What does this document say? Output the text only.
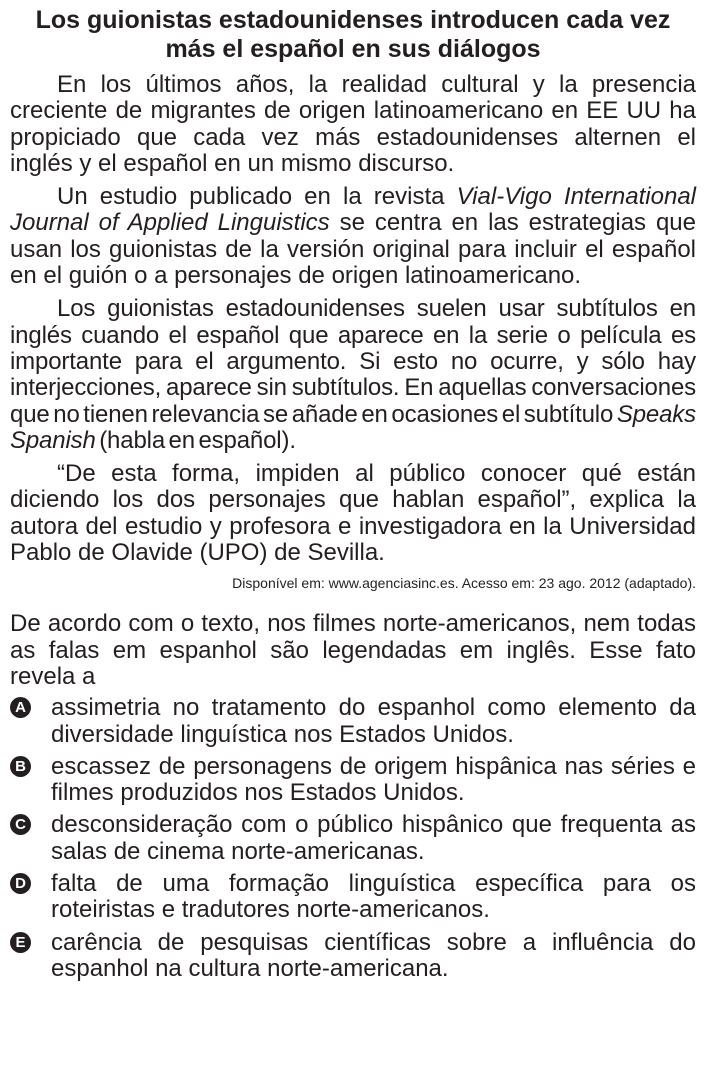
Los guionistas estadounidenses introducen cada vez
más el español en sus diálogos

En los últimos años, la realidad cultural y la presencia creciente de migrantes de origen latinoamericano en EE UU ha propiciado que cada vez más estadounidenses alternen el inglés y el español en un mismo discurso.

Un estudio publicado en la revista Vial-Vigo International Journal of Applied Linguistics se centra en las estrategias que usan los guionistas de la versión original para incluir el español en el guión o a personajes de origen latinoamericano.

Los guionistas estadounidenses suelen usar subtítulos en inglés cuando el español que aparece en la serie o película es importante para el argumento. Si esto no ocurre, y sólo hay interjecciones, aparece sin subtítulos. En aquellas conversaciones que no tienen relevancia se añade en ocasiones el subtítulo Speaks Spanish (habla en español).

“De esta forma, impiden al público conocer qué están diciendo los dos personajes que hablan español”, explica la autora del estudio y profesora e investigadora en la Universidad Pablo de Olavide (UPO) de Sevilla.

Disponível em: www.agenciasinc.es. Acesso em: 23 ago. 2012 (adaptado).
De acordo com o texto, nos filmes norte-americanos, nem todas as falas em espanhol são legendadas em inglês. Esse fato revela a
A assimetria no tratamento do espanhol como elemento da diversidade linguística nos Estados Unidos.
B escassez de personagens de origem hispânica nas séries e filmes produzidos nos Estados Unidos.
C desconsideração com o público hispânico que frequenta as salas de cinema norte-americanas.
D falta de uma formação linguística específica para os roteiristas e tradutores norte-americanos.
E carência de pesquisas científicas sobre a influência do espanhol na cultura norte-americana.
